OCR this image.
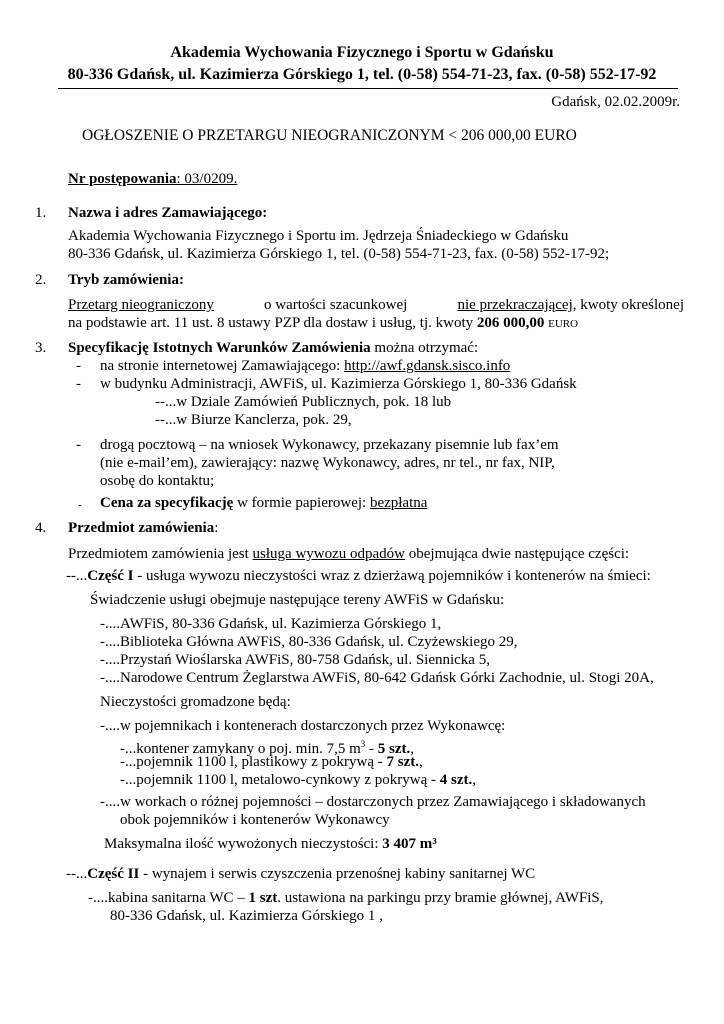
Akademia Wychowania Fizycznego i Sportu w Gdańsku
80-336 Gdańsk, ul. Kazimierza Górskiego 1, tel. (0-58) 554-71-23, fax. (0-58) 552-17-92
Gdańsk, 02.02.2009r.
OGŁOSZENIE O PRZETARGU NIEOGRANICZONYM < 206 000,00 EURO
Nr postępowania: 03/0209.
1. Nazwa i adres Zamawiającego:
Akademia Wychowania Fizycznego i Sportu im. Jędrzeja Śniadeckiego w Gdańsku
80-336 Gdańsk, ul. Kazimierza Górskiego 1, tel. (0-58) 554-71-23, fax. (0-58) 552-17-92;
2. Tryb zamówienia:
Przetarg nieograniczony	o wartości szacunkowej	nie przekraczającej, kwoty określonej
na podstawie art. 11 ust. 8 ustawy PZP dla dostaw i usług, tj. kwoty 206 000,00 EURO
3. Specyfikację Istotnych Warunków Zamówienia można otrzymać:
- na stronie internetowej Zamawiającego: http://awf.gdansk.sisco.info
- w budynku Administracji, AWFiS, ul. Kazimierza Górskiego 1, 80-336 Gdańsk
--...w Dziale Zamówień Publicznych, pok. 18 lub
--...w Biurze Kanclerza, pok. 29,
- drogą pocztową – na wniosek Wykonawcy, przekazany pisemnie lub fax’em
(nie e-mail’em), zawierający: nazwę Wykonawcy, adres, nr tel., nr fax, NIP,
osobę do kontaktu;
- Cena za specyfikację w formie papierowej: bezpłatna
4. Przedmiot zamówienia:
Przedmiotem zamówienia jest usługa wywozu odpadów obejmująca dwie następujące części:
--...Część I - usługa wywozu nieczystości wraz z dzierżawą pojemników i kontenerów na śmieci:
Świadczenie usługi obejmuje następujące tereny AWFiS w Gdańsku:
-....AWFiS, 80-336 Gdańsk, ul. Kazimierza Górskiego 1,
-....Biblioteka Główna AWFiS, 80-336 Gdańsk, ul. Czyżewskiego 29,
-....Przystań Wioślarska AWFiS, 80-758 Gdańsk, ul. Siennicka 5,
-....Narodowe Centrum Żeglarstwa AWFiS, 80-642 Gdańsk Górki Zachodnie, ul. Stogi 20A,
Nieczystości gromadzone będą:
-....w pojemnikach i kontenerach dostarczonych przez Wykonawcę:
-...kontener zamykany o poj. min. 7,5 $m^3 - 5$ szt.,
-...pojemnik 1100 l, plastikowy z pokrywą - 7 szt.,
-...pojemnik 1100 l, metalowo-cynkowy z pokrywą - 4 szt.,
-....w workach o różnej pojemności – dostarczonych przez Zamawiającego i składowanych
obok pojemników i kontenerów Wykonawcy
Maksymalna ilość wywożonych nieczystości: 3 407 m³
--...Część II - wynajem i serwis czyszczenia przenośnej kabiny sanitarnej WC
-....kabina sanitarna WC – 1 szt. ustawiona na parkingu przy bramie głównej, AWFiS,
80-336 Gdańsk, ul. Kazimierza Górskiego 1 ,
